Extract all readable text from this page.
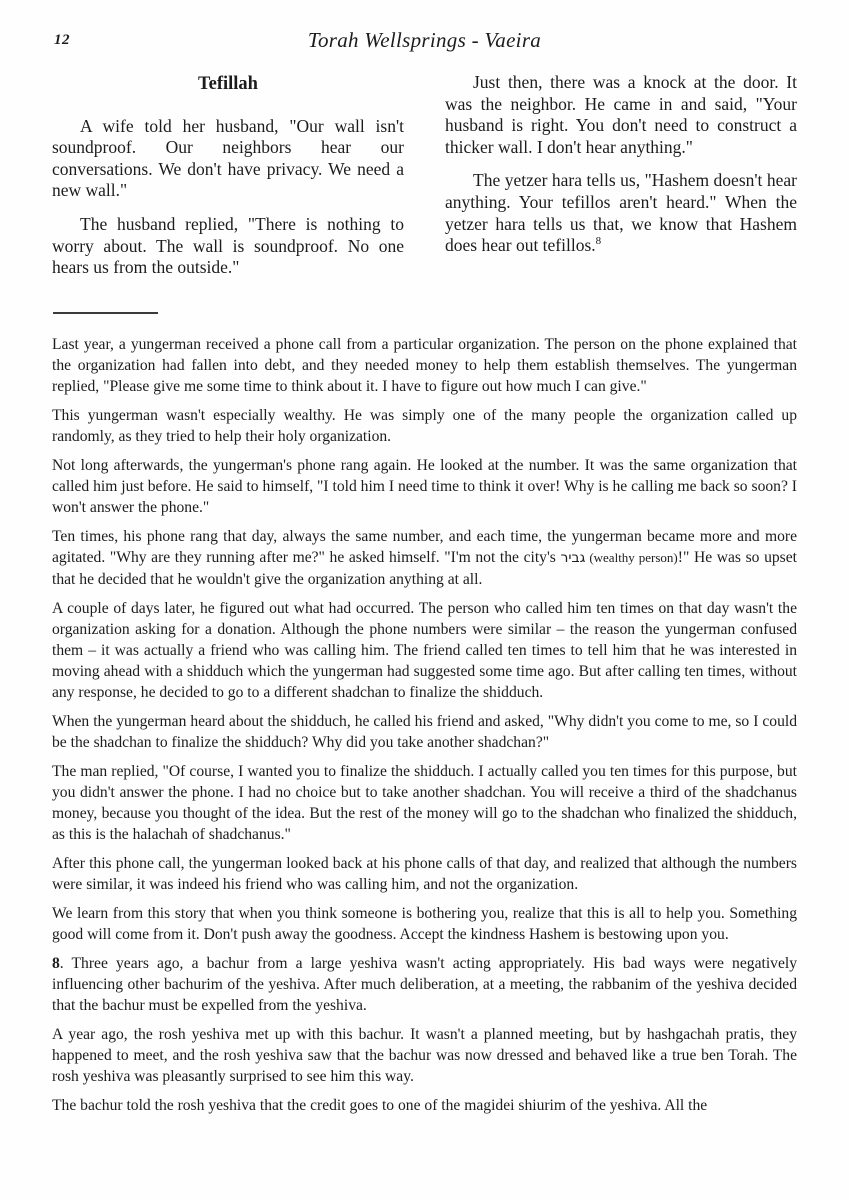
12	Torah Wellsprings - Vaeira
Tefillah

A wife told her husband, "Our wall isn't soundproof. Our neighbors hear our conversations. We don't have privacy. We need a new wall."

The husband replied, "There is nothing to worry about. The wall is soundproof. No one hears us from the outside."

Just then, there was a knock at the door. It was the neighbor. He came in and said, "Your husband is right. You don't need to construct a thicker wall. I don't hear anything."

The yetzer hara tells us, "Hashem doesn't hear anything. Your tefillos aren't heard." When the yetzer hara tells us that, we know that Hashem does hear out tefillos.$^8$

Last year, a yungerman received a phone call from a particular organization. The person on the phone explained that the organization had fallen into debt, and they needed money to help them establish themselves. The yungerman replied, "Please give me some time to think about it. I have to figure out how much I can give."

This yungerman wasn't especially wealthy. He was simply one of the many people the organization called up randomly, as they tried to help their holy organization.

Not long afterwards, the yungerman's phone rang again. He looked at the number. It was the same organization that called him just before. He said to himself, "I told him I need time to think it over! Why is he calling me back so soon? I won't answer the phone."

Ten times, his phone rang that day, always the same number, and each time, the yungerman became more and more agitated. "Why are they running after me?" he asked himself. "I'm not the city's גביר (wealthy person)!" He was so upset that he decided that he wouldn't give the organization anything at all.

A couple of days later, he figured out what had occurred. The person who called him ten times on that day wasn't the organization asking for a donation. Although the phone numbers were similar – the reason the yungerman confused them – it was actually a friend who was calling him. The friend called ten times to tell him that he was interested in moving ahead with a shidduch which the yungerman had suggested some time ago. But after calling ten times, without any response, he decided to go to a different shadchan to finalize the shidduch.

When the yungerman heard about the shidduch, he called his friend and asked, "Why didn't you come to me, so I could be the shadchan to finalize the shidduch? Why did you take another shadchan?"

The man replied, "Of course, I wanted you to finalize the shidduch. I actually called you ten times for this purpose, but you didn't answer the phone. I had no choice but to take another shadchan. You will receive a third of the shadchanus money, because you thought of the idea. But the rest of the money will go to the shadchan who finalized the shidduch, as this is the halachah of shadchanus."

After this phone call, the yungerman looked back at his phone calls of that day, and realized that although the numbers were similar, it was indeed his friend who was calling him, and not the organization.

We learn from this story that when you think someone is bothering you, realize that this is all to help you. Something good will come from it. Don't push away the goodness. Accept the kindness Hashem is bestowing upon you.

8. Three years ago, a bachur from a large yeshiva wasn't acting appropriately. His bad ways were negatively influencing other bachurim of the yeshiva. After much deliberation, at a meeting, the rabbanim of the yeshiva decided that the bachur must be expelled from the yeshiva.

A year ago, the rosh yeshiva met up with this bachur. It wasn't a planned meeting, but by hashgachah pratis, they happened to meet, and the rosh yeshiva saw that the bachur was now dressed and behaved like a true ben Torah. The rosh yeshiva was pleasantly surprised to see him this way.

The bachur told the rosh yeshiva that the credit goes to one of the magidei shiurim of the yeshiva. All the
